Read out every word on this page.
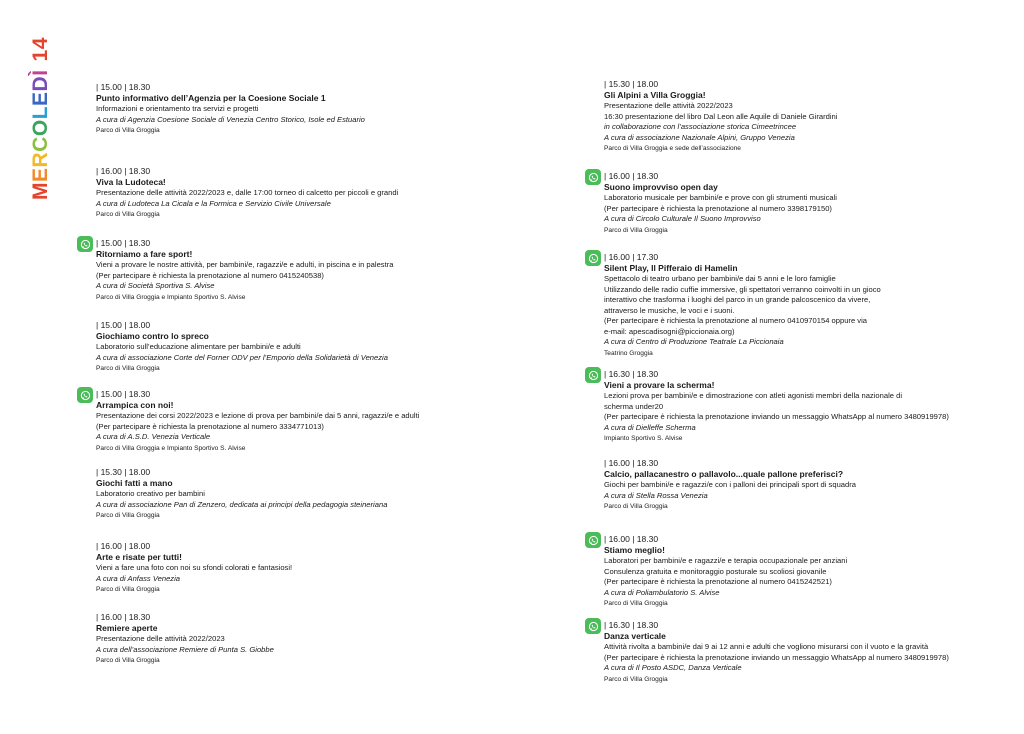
MERCOLEDÌ14
| 15.00 | 18.30
Punto informativo dell’Agenzia per la Coesione Sociale 1
Informazioni e orientamento tra servizi e progetti
A cura di Agenzia Coesione Sociale di Venezia Centro Storico, Isole ed Estuario
Parco di Villa Groggia
| 16.00 | 18.30
Viva la Ludoteca!
Presentazione delle attività 2022/2023 e, dalle 17:00 torneo di calcetto per piccoli e grandi
A cura di Ludoteca La Cicala e la Formica e Servizio Civile Universale
Parco di Villa Groggia
| 15.00 | 18.30
Ritorniamo a fare sport!
Vieni a provare le nostre attività, per bambini/e, ragazzi/e e adulti, in piscina e in palestra
(Per partecipare è richiesta la prenotazione al numero 0415240538)
A cura di Società Sportiva S. Alvise
Parco di Villa Groggia e Impianto Sportivo S. Alvise
| 15.00 | 18.00
Giochiamo contro lo spreco
Laboratorio sull’educazione alimentare per bambini/e e adulti
A cura di associazione Corte del Forner ODV per l’Emporio della Solidarietà di Venezia
Parco di Villa Groggia
| 15.00 | 18.30
Arrampica con noi!
Presentazione dei corsi 2022/2023 e lezione di prova per bambini/e dai 5 anni, ragazzi/e e adulti
(Per partecipare è richiesta la prenotazione al numero 3334771013)
A cura di A.S.D. Venezia Verticale
Parco di Villa Groggia e Impianto Sportivo S. Alvise
| 15.30 | 18.00
Giochi fatti a mano
Laboratorio creativo per bambini
A cura di associazione Pan di Zenzero, dedicata ai principi della pedagogia steineriana
Parco di Villa Groggia
| 16.00 | 18.00
Arte e risate per tutti!
Vieni a fare una foto con noi su sfondi colorati e fantasiosi!
A cura di Anfass Venezia
Parco di Villa Groggia
| 16.00 | 18.30
Remiere aperte
Presentazione delle attività 2022/2023
A cura dell’associazione Remiere di Punta S. Giobbe
Parco di Villa Groggia
| 15.30 | 18.00
Gli Alpini a Villa Groggia!
Presentazione delle attività 2022/2023
16:30 presentazione del libro Dal Leon alle Aquile di Daniele Girardini
in collaborazione con l’associazione storica Cimeetrincee
A cura di associazione Nazionale Alpini, Gruppo Venezia
Parco di Villa Groggia e sede dell’associazione
| 16.00 | 18.30
Suono improvviso open day
Laboratorio musicale per bambini/e e prove con gli strumenti musicali
(Per partecipare è richiesta la prenotazione al numero 3398179150)
A cura di Circolo Culturale Il Suono Improvviso
Parco di Villa Groggia
| 16.00 | 17.30
Silent Play, Il Pifferaio di Hamelin
Spettacolo di teatro urbano per bambini/e dai 5 anni e le loro famiglie
Utilizzando delle radio cuffie immersive, gli spettatori verranno coinvolti in un gioco
interattivo che trasforma i luoghi del parco in un grande palcoscenico da vivere,
attraverso le musiche, le voci e i suoni.
(Per partecipare è richiesta la prenotazione al numero 0410970154 oppure via
e-mail: apescadisogni@piccionaia.org)
A cura di Centro di Produzione Teatrale La Piccionaia
Teatrino Groggia
| 16.30 | 18.30
Vieni a provare la scherma!
Lezioni prova per bambini/e e dimostrazione con atleti agonisti membri della nazionale di
scherma under20
(Per partecipare è richiesta la prenotazione inviando un messaggio WhatsApp al numero 3480919978)
A cura di Dielleffe Scherma
Impianto Sportivo S. Alvise
| 16.00 | 18.30
Calcio, pallacanestro o pallavolo...quale pallone preferisci?
Giochi per bambini/e e ragazzi/e con i palloni dei principali sport di squadra
A cura di Stella Rossa Venezia
Parco di Villa Groggia
| 16.00 | 18.30
Stiamo meglio!
Laboratori per bambini/e e ragazzi/e e terapia occupazionale per anziani
Consulenza gratuita e monitoraggio posturale su scoliosi giovanile
(Per partecipare è richiesta la prenotazione al numero 0415242521)
A cura di Poliambulatorio S. Alvise
Parco di Villa Groggia
| 16.30 | 18.30
Danza verticale
Attività rivolta a bambini/e dai 9 ai 12 anni e adulti che vogliono misurarsi con il vuoto e la gravità
(Per partecipare è richiesta la prenotazione inviando un messaggio WhatsApp al numero 3480919978)
A cura di Il Posto ASDC, Danza Verticale
Parco di Villa Groggia
